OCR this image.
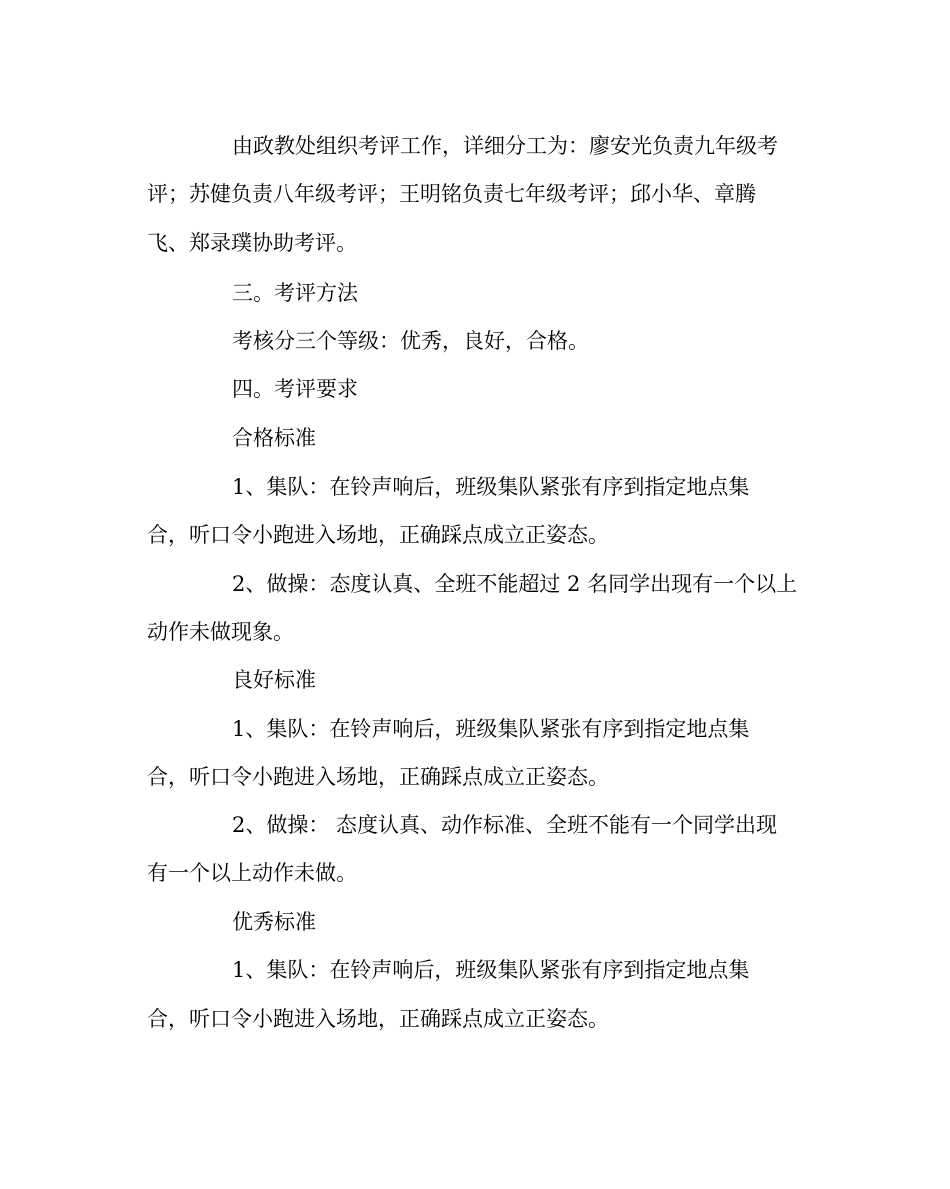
由政教处组织考评工作，详细分工为：廖安光负责九年级考
评；苏健负责八年级考评；王明铭负责七年级考评；邱小华、章腾
飞、郑录璞协助考评。
三。考评方法
考核分三个等级：优秀，良好，合格。
四。考评要求
合格标准
1、集队：在铃声响后，班级集队紧张有序到指定地点集
合，听口令小跑进入场地，正确踩点成立正姿态。
2、做操：态度认真、全班不能超过 2 名同学出现有一个以上
动作未做现象。
良好标准
1、集队：在铃声响后，班级集队紧张有序到指定地点集
合，听口令小跑进入场地，正确踩点成立正姿态。
2、做操： 态度认真、动作标准、全班不能有一个同学出现
有一个以上动作未做。
优秀标准
1、集队：在铃声响后，班级集队紧张有序到指定地点集
合，听口令小跑进入场地，正确踩点成立正姿态。
